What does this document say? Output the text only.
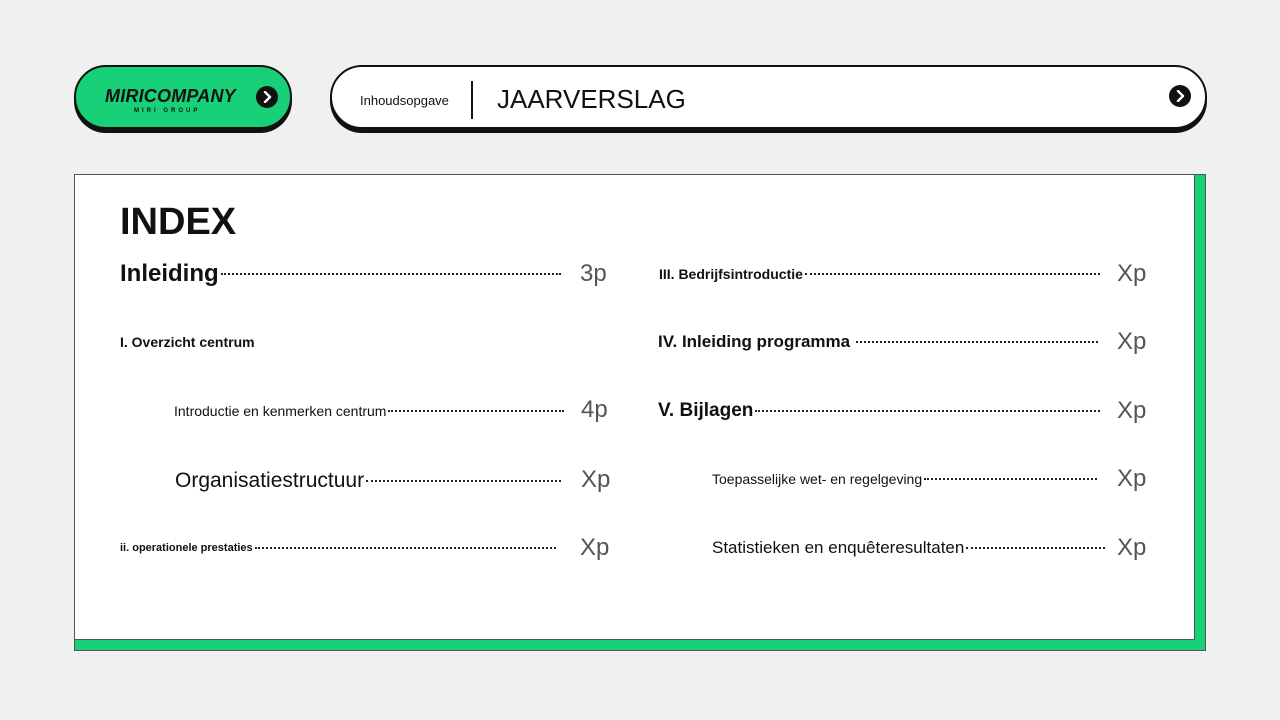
MIRICOMPANY
MIRI GROUP
Inhoudsopgave JAARVERSLAG
INDEX
Inleiding	3p
I. Overzicht centrum
Introductie en kenmerken centrum	4p
Organisatiestructuur	Xp
ii. operationele prestaties	Xp
III. Bedrijfsintroductie	Xp
IV. Inleiding programma	Xp
V. Bijlagen	Xp
Toepasselijke wet- en regelgeving	Xp
Statistieken en enquêteresultaten	Xp
